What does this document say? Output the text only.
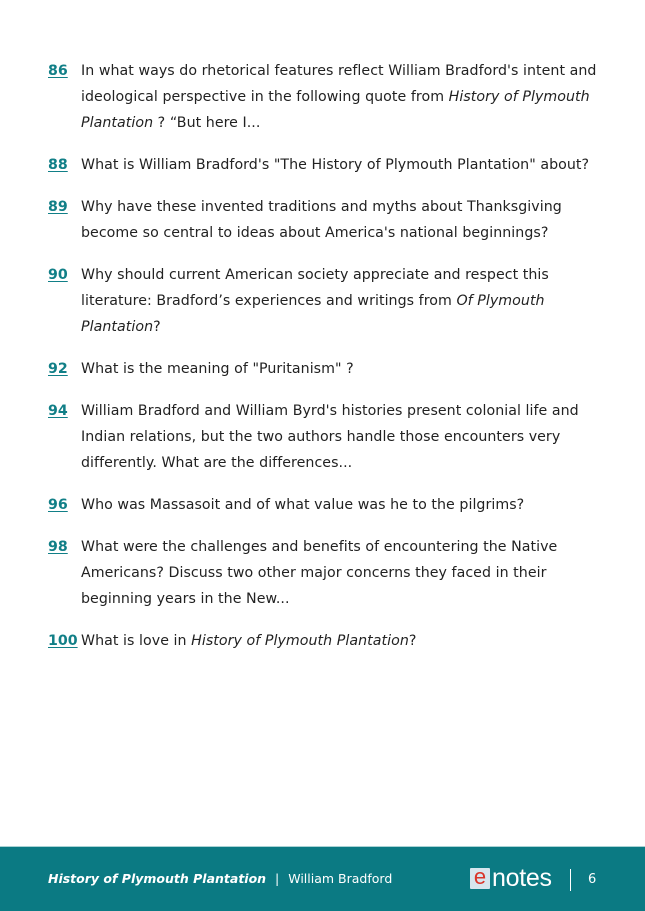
86 In what ways do rhetorical features reflect William Bradford's intent and ideological perspective in the following quote from History of Plymouth Plantation ? “But here I...
88 What is William Bradford's "The History of Plymouth Plantation" about?
89 Why have these invented traditions and myths about Thanksgiving become so central to ideas about America's national beginnings?
90 Why should current American society appreciate and respect this literature: Bradford’s experiences and writings from Of Plymouth Plantation?
92 What is the meaning of "Puritanism" ?
94 William Bradford and William Byrd's histories present colonial life and Indian relations, but the two authors handle those encounters very differently. What are the differences...
96 Who was Massasoit and of what value was he to the pilgrims?
98 What were the challenges and benefits of encountering the Native Americans? Discuss two other major concerns they faced in their beginning years in the New...
100 What is love in History of Plymouth Plantation?
History of Plymouth Plantation | William Bradford	e notes	6
